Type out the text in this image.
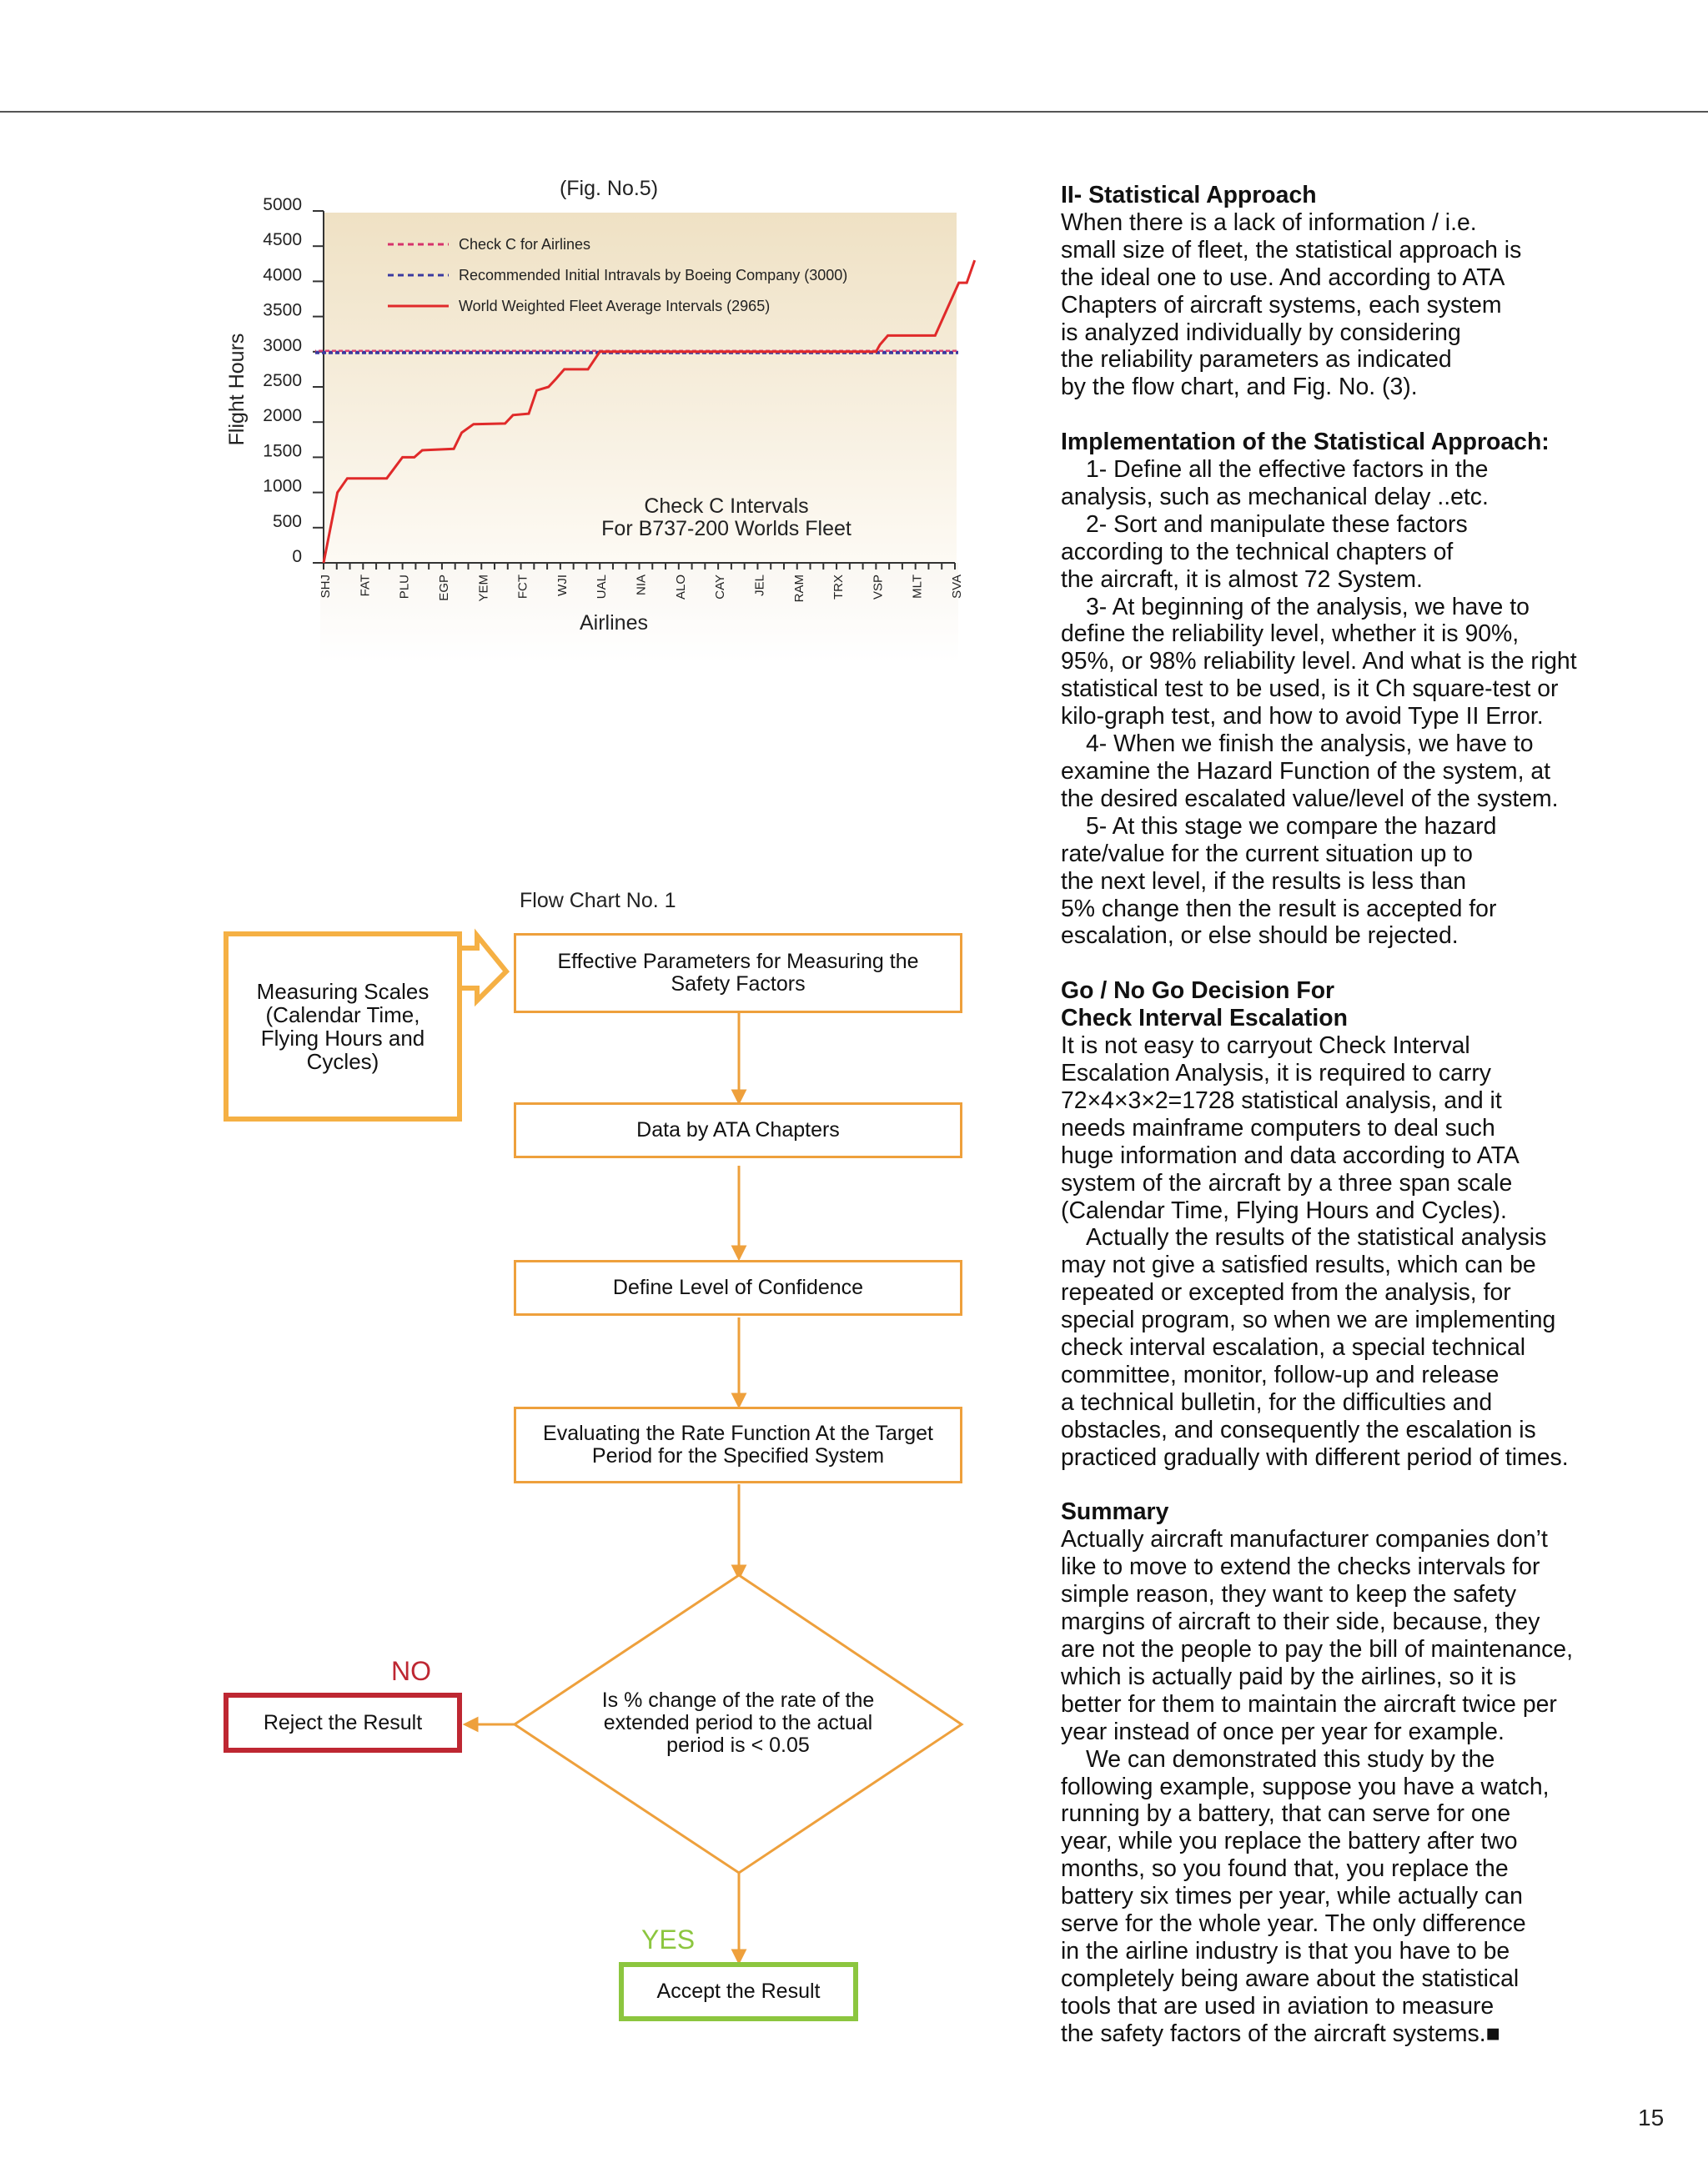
(Fig. No.5)
5000
4500
4000
3500
3000
2500
2000
1500
1000
500
0
Flight Hours
SHJ FAT PLU EGP YEM FCT WJI UAL NIA ALO CAY JEL RAM TRX VSP MLT SVA
Airlines
Check C for Airlines
Recommended Initial Intravals by Boeing Company (3000)
World Weighted Fleet Average Intervals (2965)
Check C Intervals
For B737-200 Worlds Fleet
Flow Chart No. 1
Measuring Scales (Calendar Time, Flying Hours and Cycles)
Effective Parameters for Measuring the Safety Factors
Data by ATA Chapters
Define Level of Confidence
Evaluating the Rate Function At the Target Period for the Specified System
Is % change of the rate of the extended period to the actual period is < 0.05
NO
Reject the Result
YES
Accept the Result
II- Statistical Approach
When there is a lack of information / i.e.
small size of fleet, the statistical approach is
the ideal one to use. And according to ATA
Chapters of aircraft systems, each system
is analyzed individually by considering
the reliability parameters as indicated
by the flow chart, and Fig. No. (3).
Implementation of the Statistical Approach:
1- Define all the effective factors in the
analysis, such as mechanical delay ..etc.
2- Sort and manipulate these factors
according to the technical chapters of
the aircraft, it is almost 72 System.
3- At beginning of the analysis, we have to
define the reliability level, whether it is 90%,
95%, or 98% reliability level. And what is the right
statistical test to be used, is it Ch square-test or
kilo-graph test, and how to avoid Type II Error.
4- When we finish the analysis, we have to
examine the Hazard Function of the system, at
the desired escalated value/level of the system.
5- At this stage we compare the hazard
rate/value for the current situation up to
the next level, if the results is less than
5% change then the result is accepted for
escalation, or else should be rejected.
Go / No Go Decision For
Check Interval Escalation
It is not easy to carryout Check Interval
Escalation Analysis, it is required to carry
72×4×3×2=1728 statistical analysis, and it
needs mainframe computers to deal such
huge information and data according to ATA
system of the aircraft by a three span scale
(Calendar Time, Flying Hours and Cycles).
Actually the results of the statistical analysis
may not give a satisfied results, which can be
repeated or excepted from the analysis, for
special program, so when we are implementing
check interval escalation, a special technical
committee, monitor, follow-up and release
a technical bulletin, for the difficulties and
obstacles, and consequently the escalation is
practiced gradually with different period of times.
Summary
Actually aircraft manufacturer companies don’t
like to move to extend the checks intervals for
simple reason, they want to keep the safety
margins of aircraft to their side, because, they
are not the people to pay the bill of maintenance,
which is actually paid by the airlines, so it is
better for them to maintain the aircraft twice per
year instead of once per year for example.
We can demonstrated this study by the
following example, suppose you have a watch,
running by a battery, that can serve for one
year, while you replace the battery after two
months, so you found that, you replace the
battery six times per year, while actually can
serve for the whole year. The only difference
in the airline industry is that you have to be
completely being aware about the statistical
tools that are used in aviation to measure
the safety factors of the aircraft systems.■
15
